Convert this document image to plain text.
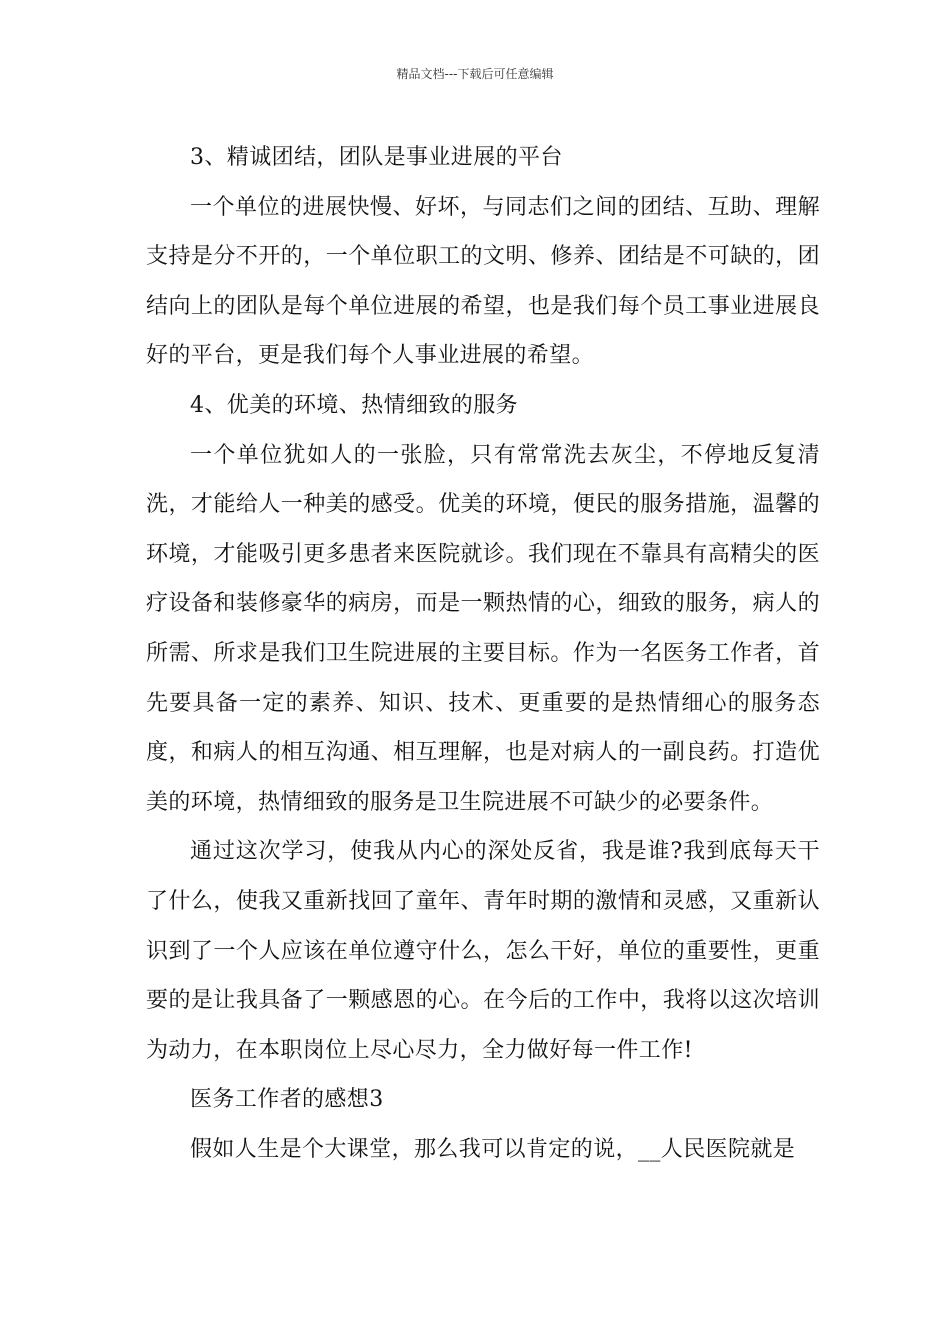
精品文档---下载后可任意编辑

3、精诚团结，团队是事业进展的平台

一个单位的进展快慢、好坏，与同志们之间的团结、互助、理解支持是分不开的，一个单位职工的文明、修养、团结是不可缺的，团结向上的团队是每个单位进展的希望，也是我们每个员工事业进展良好的平台，更是我们每个人事业进展的希望。

4、优美的环境、热情细致的服务

一个单位犹如人的一张脸，只有常常洗去灰尘，不停地反复清洗，才能给人一种美的感受。优美的环境，便民的服务措施，温馨的环境，才能吸引更多患者来医院就诊。我们现在不靠具有高精尖的医疗设备和装修豪华的病房，而是一颗热情的心，细致的服务，病人的所需、所求是我们卫生院进展的主要目标。作为一名医务工作者，首先要具备一定的素养、知识、技术、更重要的是热情细心的服务态度，和病人的相互沟通、相互理解，也是对病人的一副良药。打造优美的环境，热情细致的服务是卫生院进展不可缺少的必要条件。

通过这次学习，使我从内心的深处反省，我是谁?我到底每天干了什么，使我又重新找回了童年、青年时期的激情和灵感，又重新认识到了一个人应该在单位遵守什么，怎么干好，单位的重要性，更重要的是让我具备了一颗感恩的心。在今后的工作中，我将以这次培训为动力，在本职岗位上尽心尽力，全力做好每一件工作!

医务工作者的感想3

假如人生是个大课堂，那么我可以肯定的说，__人民医院就是
